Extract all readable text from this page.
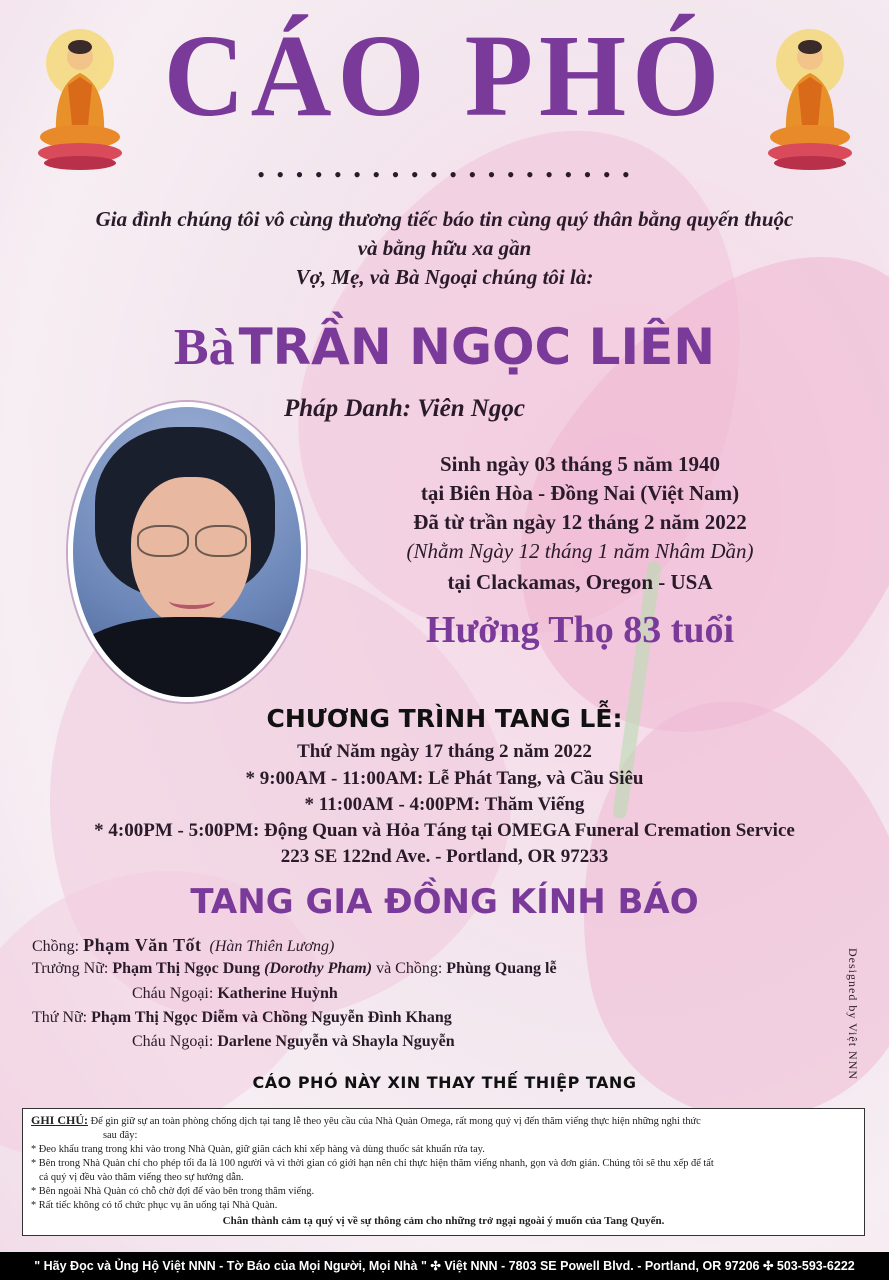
CÁO PHÓ
• • • • • • • • • • • • • • • • • • • •
Gia đình chúng tôi vô cùng thương tiếc báo tin cùng quý thân bằng quyến thuộc
và bằng hữu xa gần
Vợ, Mẹ, và Bà Ngoại chúng tôi là:
Bà TRẦN NGỌC LIÊN
Pháp Danh: Viên Ngọc
Sinh ngày 03 tháng 5 năm 1940
tại Biên Hòa - Đồng Nai (Việt Nam)
Đã từ trần ngày 12 tháng 2 năm 2022
(Nhằm Ngày 12 tháng 1 năm Nhâm Dần)
tại Clackamas, Oregon - USA
Hưởng Thọ 83 tuổi
CHƯƠNG TRÌNH TANG LỄ:
Thứ Năm ngày 17 tháng 2 năm 2022
* 9:00AM - 11:00AM: Lễ Phát Tang, và Cầu Siêu
* 11:00AM - 4:00PM: Thăm Viếng
* 4:00PM - 5:00PM: Động Quan và Hỏa Táng tại OMEGA Funeral Cremation Service
223 SE 122nd Ave. - Portland, OR 97233
TANG GIA ĐỒNG KÍNH BÁO
Chồng: Phạm Văn Tốt (Hàn Thiên Lương)
Trưởng Nữ: Phạm Thị Ngọc Dung (Dorothy Pham) và Chồng: Phùng Quang lễ
Cháu Ngoại: Katherine Huỳnh
Thứ Nữ: Phạm Thị Ngọc Diễm và Chồng Nguyễn Đình Khang
Cháu Ngoại: Darlene Nguyễn và Shayla Nguyễn	Designed by Việt NNN
CÁO PHÓ NÀY XIN THAY THẾ THIỆP TANG
GHI CHÚ: Để gìn giữ sự an toàn phòng chống dịch tại tang lễ theo yêu cầu của Nhà Quàn Omega, rất mong quý vị đến thăm viếng thực hiện những nghi thức
sau đây:
* Đeo khẩu trang trong khi vào trong Nhà Quàn, giữ giãn cách khi xếp hàng và dùng thuốc sát khuẩn rửa tay.
* Bên trong Nhà Quàn chỉ cho phép tối đa là 100 người và vì thời gian có giới hạn nên chỉ thực hiện thăm viếng nhanh, gọn và đơn giản. Chúng tôi sẽ thu xếp để tất
cả quý vị đều vào thăm viếng theo sự hướng dẫn.
* Bên ngoài Nhà Quàn có chỗ chờ đợi để vào bên trong thăm viếng.
* Rất tiếc không có tổ chức phục vụ ăn uống tại Nhà Quàn.
Chân thành cảm tạ quý vị về sự thông cảm cho những trở ngại ngoài ý muốn của Tang Quyến.
" Hãy Đọc và Ủng Hộ Việt NNN - Tờ Báo của Mọi Người, Mọi Nhà " ✣ Việt NNN - 7803 SE Powell Blvd. - Portland, OR 97206 ✣ 503-593-6222
